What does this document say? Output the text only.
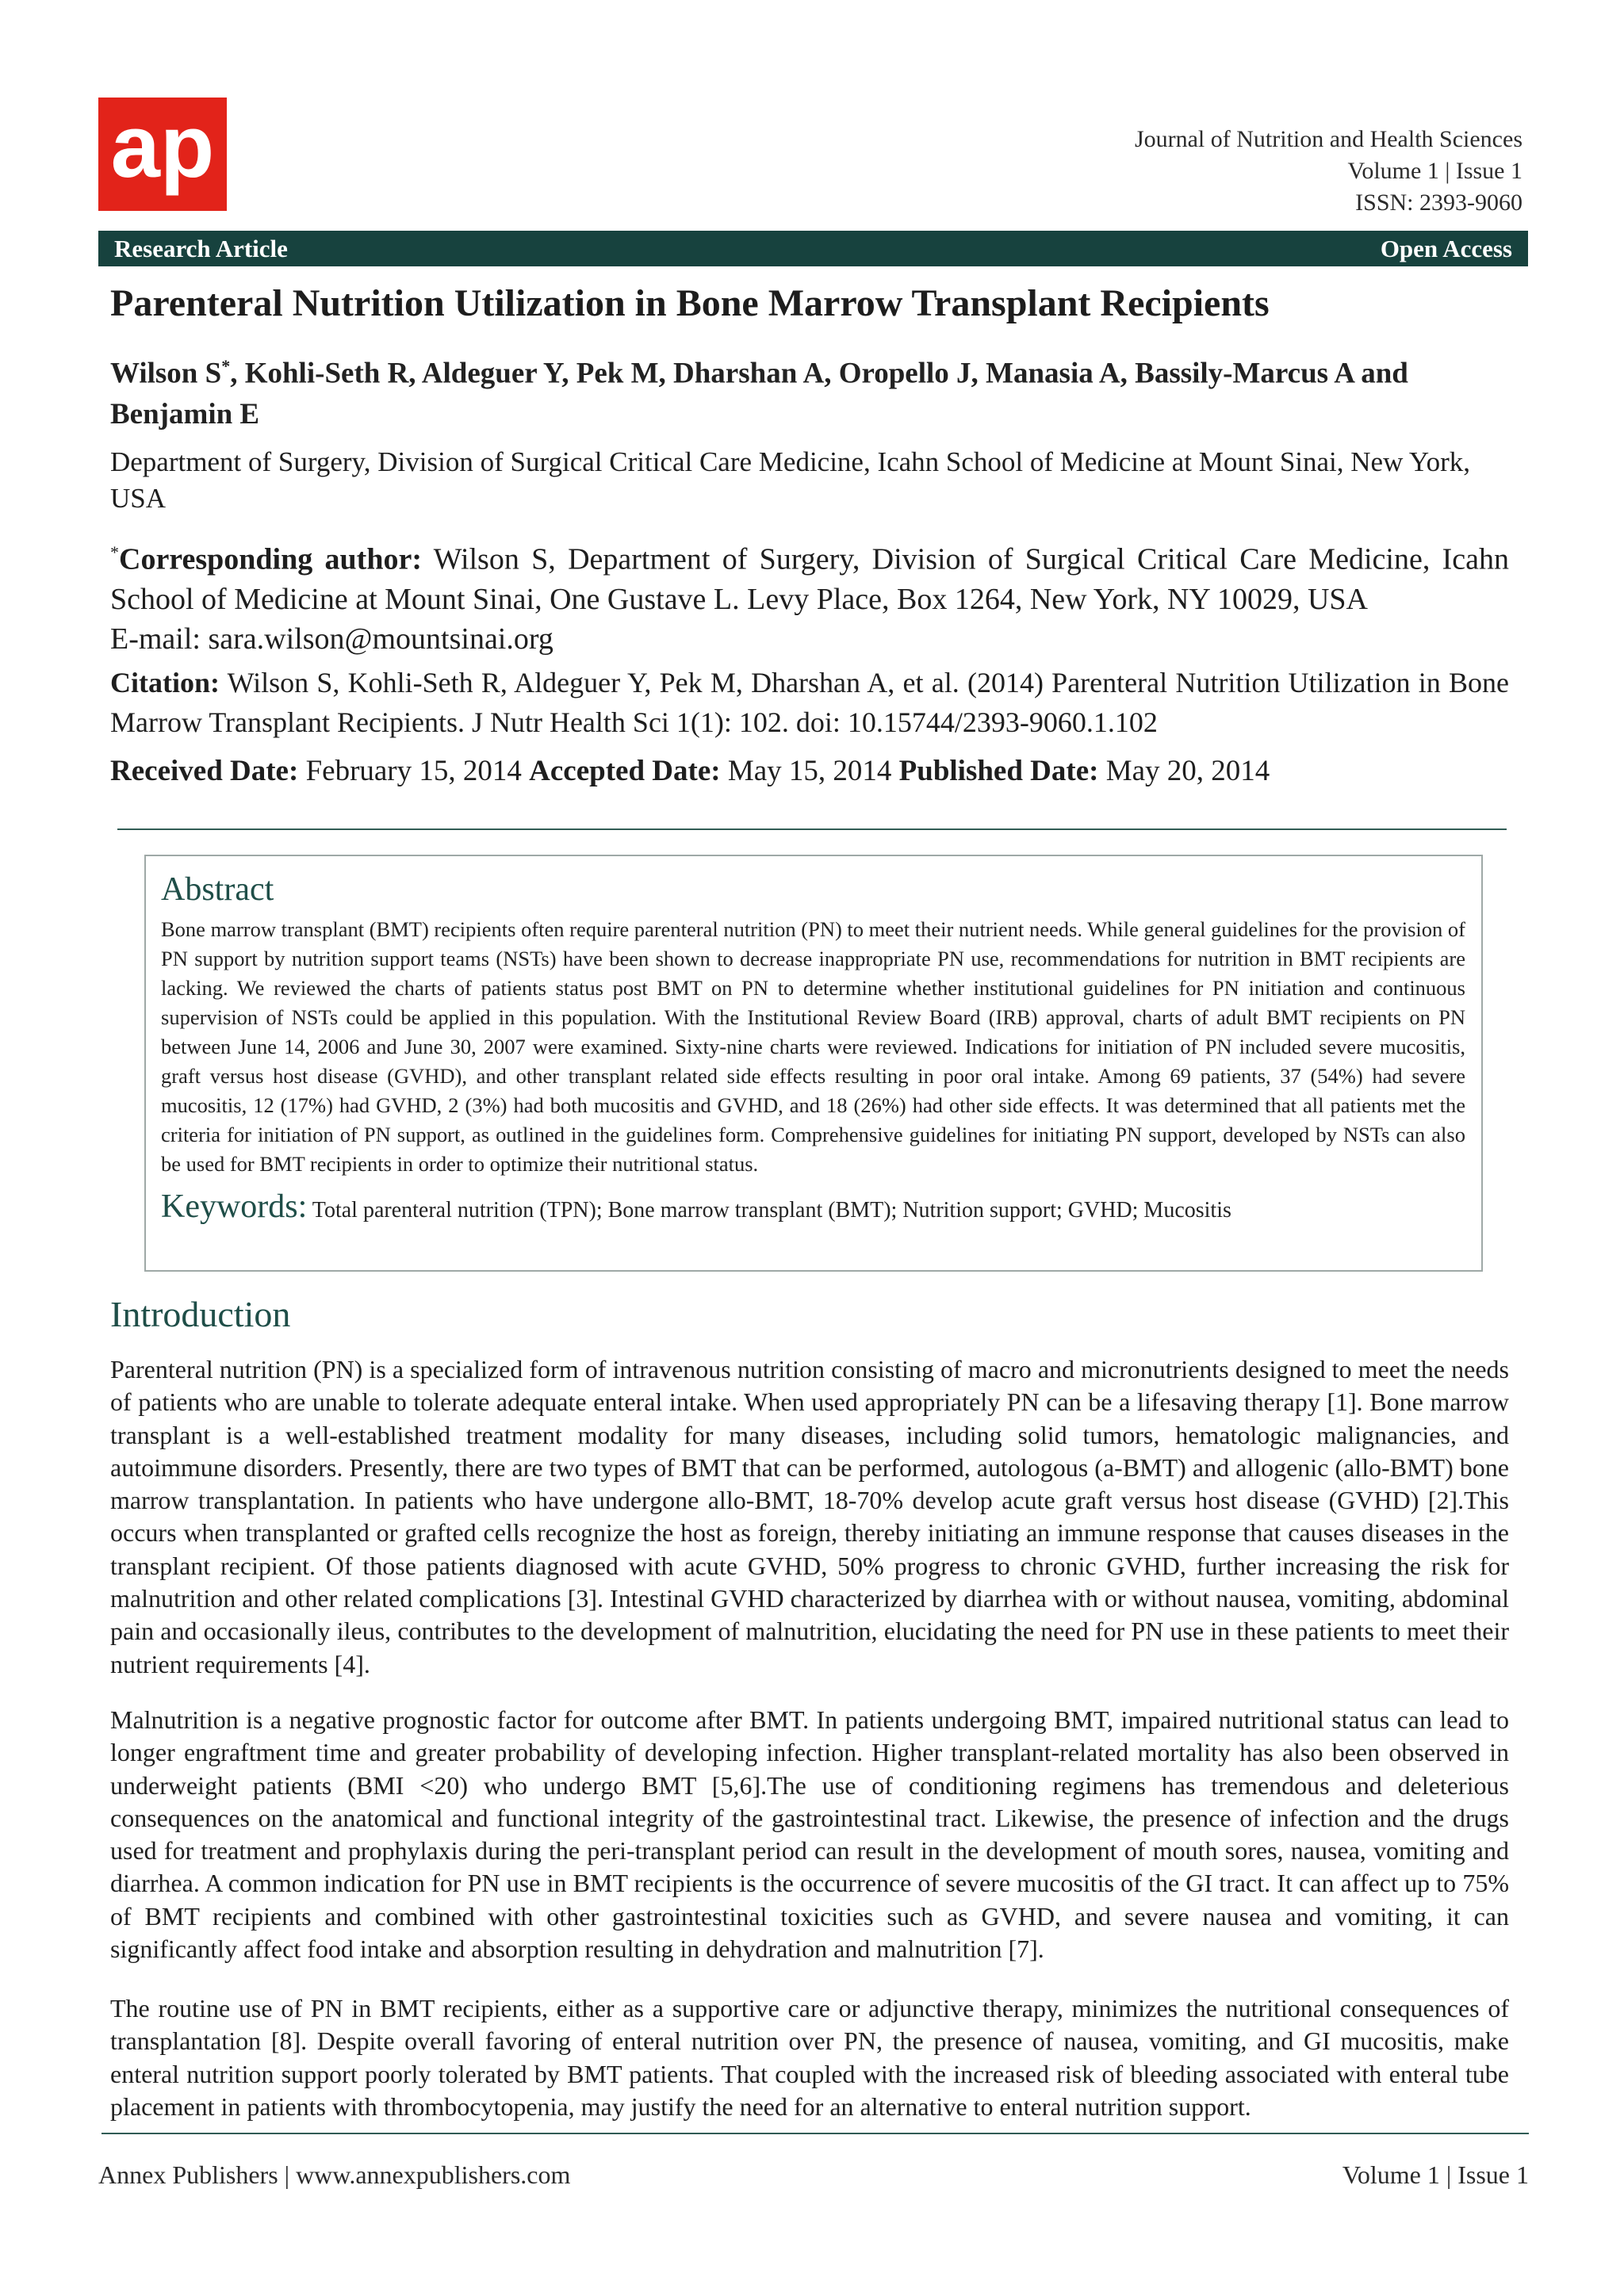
ap	Journal of Nutrition and Health Sciences
Volume 1 | Issue 1
ISSN: 2393-9060
Research Article	Open Access
Parenteral Nutrition Utilization in Bone Marrow Transplant Recipients
Wilson S*, Kohli-Seth R, Aldeguer Y, Pek M, Dharshan A, Oropello J, Manasia A, Bassily-Marcus A and Benjamin E
Department of Surgery, Division of Surgical Critical Care Medicine, Icahn School of Medicine at Mount Sinai, New York, USA
*Corresponding author: Wilson S, Department of Surgery, Division of Surgical Critical Care Medicine, Icahn School of Medicine at Mount Sinai, One Gustave L. Levy Place, Box 1264, New York, NY 10029, USA
E-mail: sara.wilson@mountsinai.org
Citation: Wilson S, Kohli-Seth R, Aldeguer Y, Pek M, Dharshan A, et al. (2014) Parenteral Nutrition Utilization in Bone Marrow Transplant Recipients. J Nutr Health Sci 1(1): 102. doi: 10.15744/2393-9060.1.102
Received Date: February 15, 2014 Accepted Date: May 15, 2014 Published Date: May 20, 2014
Abstract
Bone marrow transplant (BMT) recipients often require parenteral nutrition (PN) to meet their nutrient needs. While general guidelines for the provision of PN support by nutrition support teams (NSTs) have been shown to decrease inappropriate PN use, recommendations for nutrition in BMT recipients are lacking. We reviewed the charts of patients status post BMT on PN to determine whether institutional guidelines for PN initiation and continuous supervision of NSTs could be applied in this population. With the Institutional Review Board (IRB) approval, charts of adult BMT recipients on PN between June 14, 2006 and June 30, 2007 were examined. Sixty-nine charts were reviewed. Indications for initiation of PN included severe mucositis, graft versus host disease (GVHD), and other transplant related side effects resulting in poor oral intake. Among 69 patients, 37 (54%) had severe mucositis, 12 (17%) had GVHD, 2 (3%) had both mucositis and GVHD, and 18 (26%) had other side effects. It was determined that all patients met the criteria for initiation of PN support, as outlined in the guidelines form. Comprehensive guidelines for initiating PN support, developed by NSTs can also be used for BMT recipients in order to optimize their nutritional status.
Keywords: Total parenteral nutrition (TPN); Bone marrow transplant (BMT); Nutrition support; GVHD; Mucositis
Introduction
Parenteral nutrition (PN) is a specialized form of intravenous nutrition consisting of macro and micronutrients designed to meet the needs of patients who are unable to tolerate adequate enteral intake. When used appropriately PN can be a lifesaving therapy [1]. Bone marrow transplant is a well-established treatment modality for many diseases, including solid tumors, hematologic malignancies, and autoimmune disorders. Presently, there are two types of BMT that can be performed, autologous (a-BMT) and allogenic (allo-BMT) bone marrow transplantation. In patients who have undergone allo-BMT, 18-70% develop acute graft versus host disease (GVHD) [2].This occurs when transplanted or grafted cells recognize the host as foreign, thereby initiating an immune response that causes diseases in the transplant recipient. Of those patients diagnosed with acute GVHD, 50% progress to chronic GVHD, further increasing the risk for malnutrition and other related complications [3]. Intestinal GVHD characterized by diarrhea with or without nausea, vomiting, abdominal pain and occasionally ileus, contributes to the development of malnutrition, elucidating the need for PN use in these patients to meet their nutrient requirements [4].
Malnutrition is a negative prognostic factor for outcome after BMT. In patients undergoing BMT, impaired nutritional status can lead to longer engraftment time and greater probability of developing infection. Higher transplant-related mortality has also been observed in underweight patients (BMI <20) who undergo BMT [5,6].The use of conditioning regimens has tremendous and deleterious consequences on the anatomical and functional integrity of the gastrointestinal tract. Likewise, the presence of infection and the drugs used for treatment and prophylaxis during the peri-transplant period can result in the development of mouth sores, nausea, vomiting and diarrhea. A common indication for PN use in BMT recipients is the occurrence of severe mucositis of the GI tract. It can affect up to 75% of BMT recipients and combined with other gastrointestinal toxicities such as GVHD, and severe nausea and vomiting, it can significantly affect food intake and absorption resulting in dehydration and malnutrition [7].
The routine use of PN in BMT recipients, either as a supportive care or adjunctive therapy, minimizes the nutritional consequences of transplantation [8]. Despite overall favoring of enteral nutrition over PN, the presence of nausea, vomiting, and GI mucositis, make enteral nutrition support poorly tolerated by BMT patients. That coupled with the increased risk of bleeding associated with enteral tube placement in patients with thrombocytopenia, may justify the need for an alternative to enteral nutrition support.
Annex Publishers | www.annexpublishers.com	Volume 1 | Issue 1
